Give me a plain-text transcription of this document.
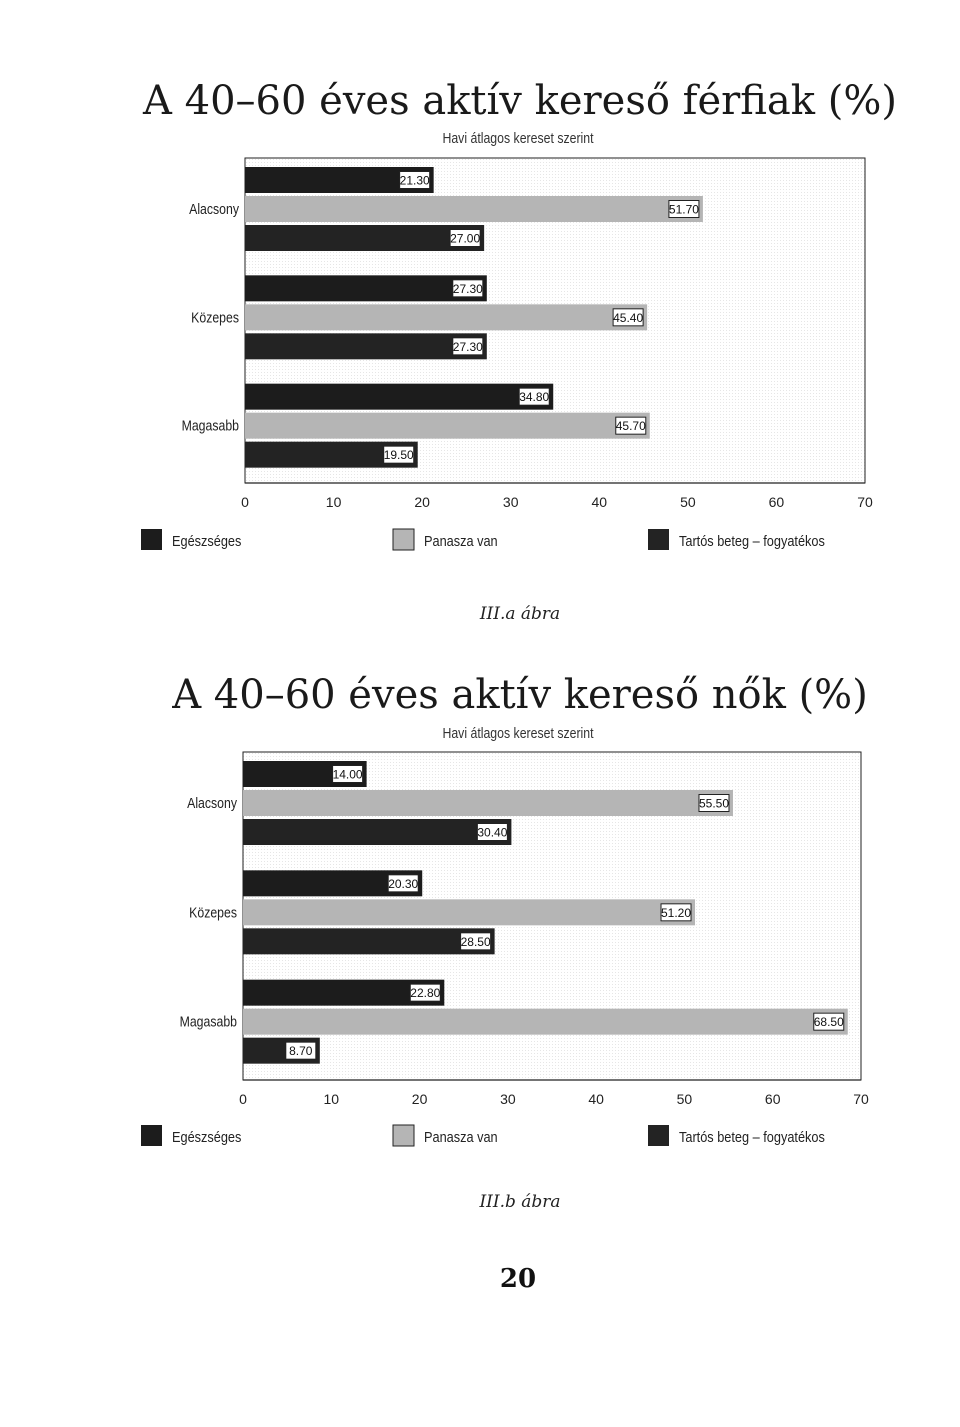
A 40–60 éves aktív kereső férfiak (%)
Havi átlagos kereset szerint
21.30
51.70
27.00
Alacsony
27.30
45.40
27.30
Közepes
34.80
45.70
19.50
Magasabb
0	10	20	30	40	50	60	70
Egészséges	Panasza van	Tartós beteg – fogyatékos
III.a ábra
A 40–60 éves aktív kereső nők (%)
Havi átlagos kereset szerint
14.00
55.50
30.40
Alacsony
20.30
51.20
28.50
Közepes
22.80
68.50
8.70
Magasabb
0	10	20	30	40	50	60	70
Egészséges	Panasza van	Tartós beteg – fogyatékos
III.b ábra
20
